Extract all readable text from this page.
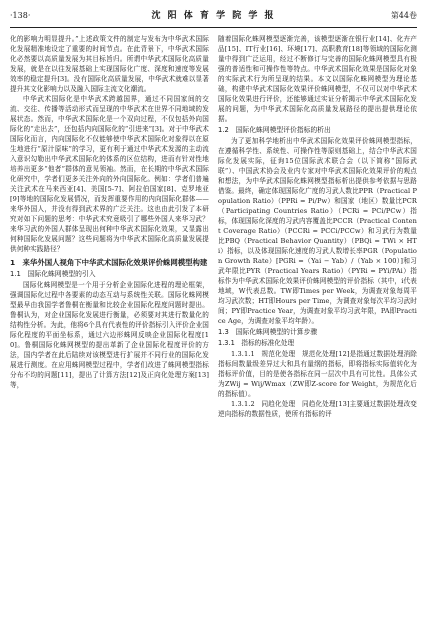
·138·	沈 阳 体 育 学 院 学 报	第44卷

化的影响力明显提升。”上述政策文件的制定与发布为中华武术国际化发展精准地设定了重要的时间节点。在此背景下，中华武术国际化必然要以高质量发展为其目标旨归。所谓中华武术国际化高质量发展，就是在以往发展基础上实现国际化广度、深度和速度等发展效率的稳定提升[3]。没有国际化高质量发展，中华武术就难以显著提升其文化影响力以及融入国际主流文化潮流。

中华武术国际化是中华武术跨越国界，通过不同国家间的交流、交往、传播等活动形式而呈现的中华武术在世界不同地域的发展状态。然而，中华武术国际化是一个双向过程，不仅包括外向国际化的“走出去”，还包括内向国际化的“引进来”[3]。对于中华武术国际化而言，内向国际化不仅能够使中华武术国际化对象得以在原生地进行“原汁原味”的学习，更有利于通过中华武术发源的主动流入意识勾勒出中华武术国际化的体系的区位结构，进而有针对性地培养出更多“他者”群体的意见领袖。然而，在长期的中华武术国际化研究中，学者们更多关注外向的外向国际化。例如：学者们普遍关注武术在马来西亚[4]、美国[5-7]、阿拉伯国家[8]、克罗地亚[9]等地的国际化发展情况，而发挥重要作用的内向国际化群体——来华外国人，并没有得到武术界的广泛关注。这也由此引发了本研究对如下问题的思考：中华武术究竟吸引了哪些外国人来华习武？来华习武的外国人群体呈现出何种中华武术国际化效果，又显露出何种国际化发展问题？这些问题将为中华武术国际化高质量发展提供何种实践路径？

1　来华外国人视角下中华武术国际化效果评价蛛网模型构建
1.1　国际化蛛网模型的引入

国际化蛛网模型是一个用于分析企业国际化进程的理论框架，强调国际化过程中各要素的动态互动与系统性关联。国际化蛛网模型最早由我国学者鲁桐在衡量和比较企业国际化程度问题时提出。鲁桐认为，对企业国际化发展进行衡量，必须要对其进行数量化的结构性分析。为此，他将6个具有代表性的评价指标引入评价企业国际化程度的平面坐标系，通过六边形蛛网反映企业国际化程度[10]。鲁桐国际化蛛网模型的提出革新了企业国际化程度评价的方法，国内学者在此后陆续对该模型进行扩展并不同行业的国际化发展进行测度。在应用蛛网模型过程中，学者们改进了蛛网模型指标分布不均的问题[11]，提出了计算方法[12]及正向化处理方案[13]等，

随着国际化蛛网模型逐渐完善，该模型逐渐在银行业[14]、化卉产品[15]、IT行业[16]、环境[17]、高职教育[18]等领域的国际化测量中得到广泛运用，经过不断修订与完善的国际化蛛网模型具有极强的普适性和可操作性等特点。中华武术国际化效果是国际化对象的实际武术行为所呈现的结果。本文以国际化蛛网模型为理论基础，构建中华武术国际化效果评价蛛网模型，不仅可以对中华武术国际化效果进行评价，还能够通过实证分析揭示中华武术国际化发展的问题，为中华武术国际化高质量发展路径的提出提供理论依据。

1.2　国际化蛛网模型评价指标的析出

为了更加科学地析出中华武术国际化效果评价蛛网模型指标，在遵循科学性、系统性、可操作性等原则基础上，结合中华武术国际化发展实际，征询15位国际武术联合会（以下简称“国际武联”）、中国武术协会及业内专家对中华武术国际化效果评价的观点和想法，为中华武术国际化蛛网模型指标析出提供参考依据与思路借鉴。最终，确定体现国际化广度的习武人数比PPR（Practical Population Ratio）（PPRi = Pi/Pw）和国家（地区）数量比PCR（Participating Countries Ratio）（PCRi = PCi/PCw）指标，体现国际化深度的习武内容覆盖比PCCR（Practical Content Coverage Ratio）（PCCRi = PCCi/PCCw）和习武行为数量比PBQ（Practical Behavior Quantity）（PBQi = TWi × HTi）指标，以及体现国际化速度的习武人数增长率PGR（Population Growth Rate）[PGRi =（Yai − Yab）/（Yab × 100）]和习武年限比PYR（Practical Years Ratio）（PYRi = PYi/PAi）指标作为中华武术国际化效果评价蛛网模型的评价指标（其中，i代表地域，W代表总数。TW即Times per Week，为调查对象每周平均习武次数；HT即Hours per Time，为调查对象每次平均习武时间；PY即Practice Year，为调查对象平均习武年限，PA即Practice Age，为调查对象平均年龄）。

1.3　国际化蛛网模型的计算步骤
1.3.1　指标的标准化处理

1.3.1.1　规范化处理　规范化处理[12]是指通过数据处理消除指标间数量级差异过大和具有量纲的指标，即将指标实际值转化为指标评价值，目的是使各指标在同一层次中具有可比性。具体公式为ZWij = Wij/Wmax（ZW即Z-score for Weight，为规范化后的指标值）。

1.3.1.2　同趋化处理　同趋化处理[13]主要通过数据处理改变逆向指标的数据性质，使所有指标的评
